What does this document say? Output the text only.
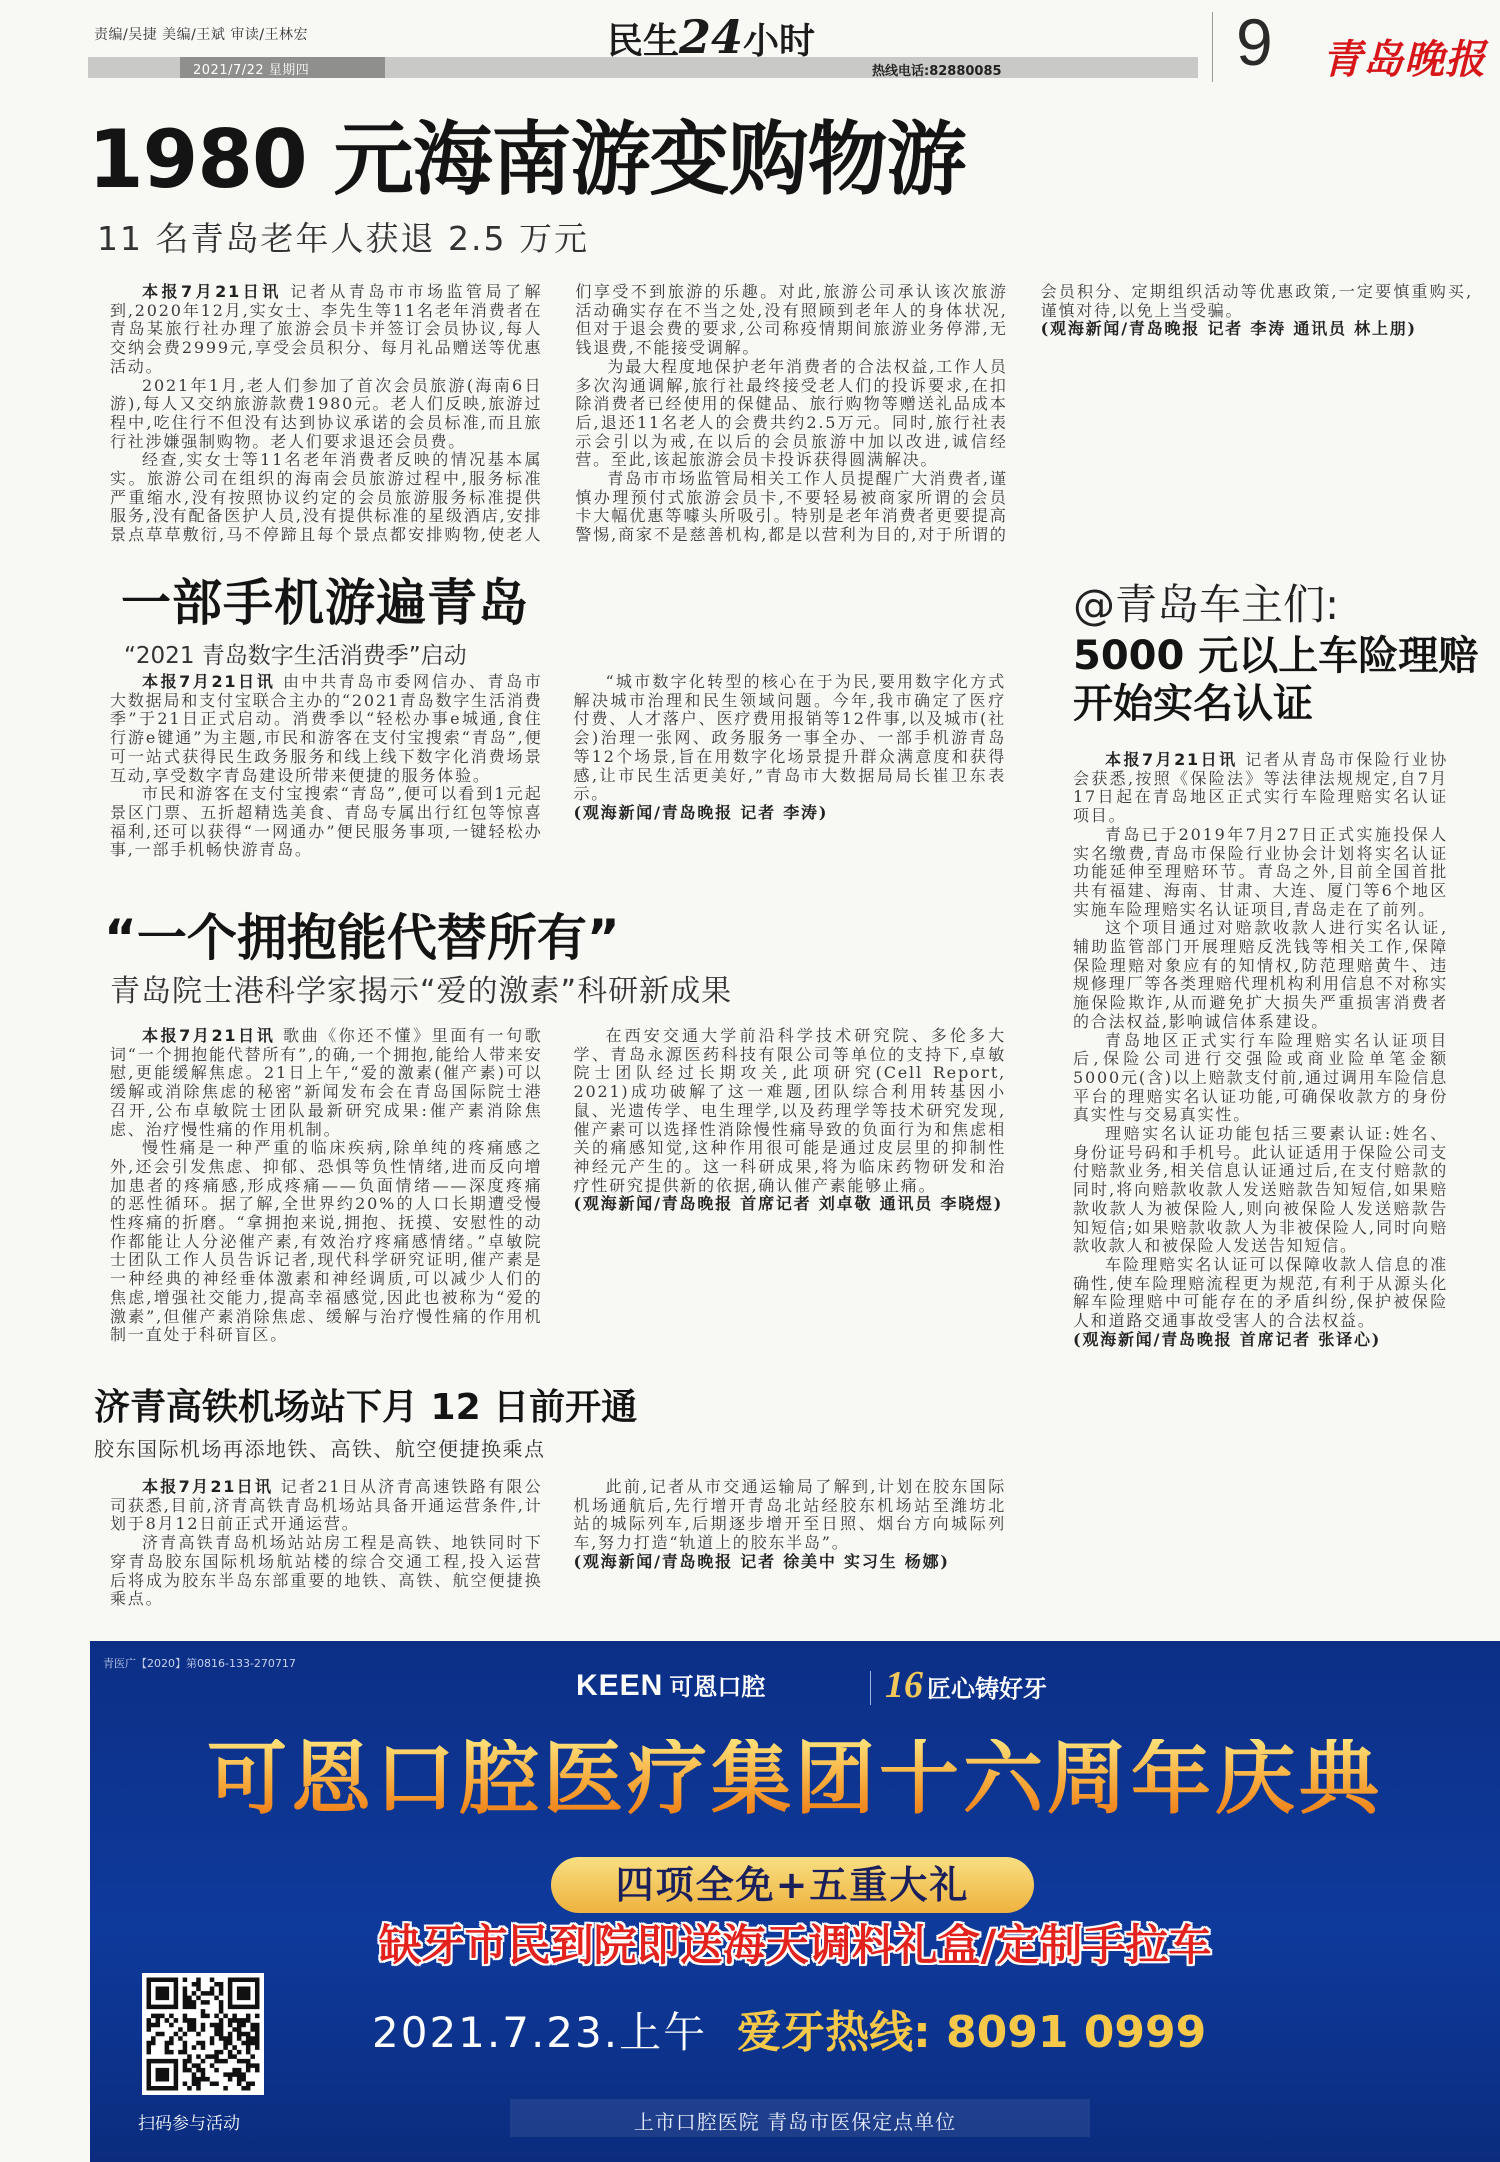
责编/吴捷 美编/王斌 审读/王林宏
2021/7/22 星期四
民生24小时
热线电话:82880085	9 青岛晚报
1980 元海南游变购物游
11 名青岛老年人获退 2.5 万元

本报7月21日讯 记者从青岛市市场监管局了解到,2020年12月,实女士、李先生等11名老年消费者在青岛某旅行社办理了旅游会员卡并签订会员协议,每人交纳会费2999元,享受会员积分、每月礼品赠送等优惠活动。

2021年1月,老人们参加了首次会员旅游(海南6日游),每人又交纳旅游款费1980元。老人们反映,旅游过程中,吃住行不但没有达到协议承诺的会员标准,而且旅行社涉嫌强制购物。老人们要求退还会员费。

经查,实女士等11名老年消费者反映的情况基本属实。旅游公司在组织的海南会员旅游过程中,服务标准严重缩水,没有按照协议约定的会员旅游服务标准提供服务,没有配备医护人员,没有提供标准的星级酒店,安排景点草草敷衍,马不停蹄且每个景点都安排购物,使老人们享受不到旅游的乐趣。对此,旅游公司承认该次旅游活动确实存在不当之处,没有照顾到老年人的身体状况,但对于退会费的要求,公司称疫情期间旅游业务停滞,无钱退费,不能接受调解。

为最大程度地保护老年消费者的合法权益,工作人员多次沟通调解,旅行社最终接受老人们的投诉要求,在扣除消费者已经使用的保健品、旅行购物等赠送礼品成本后,退还11名老人的会费共约2.5万元。同时,旅行社表示会引以为戒,在以后的会员旅游中加以改进,诚信经营。至此,该起旅游会员卡投诉获得圆满解决。

青岛市市场监管局相关工作人员提醒广大消费者,谨慎办理预付式旅游会员卡,不要轻易被商家所谓的会员卡大幅优惠等噱头所吸引。特别是老年消费者更要提高警惕,商家不是慈善机构,都是以营利为目的,对于所谓的会员积分、定期组织活动等优惠政策,一定要慎重购买,谨慎对待,以免上当受骗。

(观海新闻/青岛晚报 记者 李涛 通讯员 林上朋)

一部手机游遍青岛
“2021 青岛数字生活消费季”启动

本报7月21日讯 由中共青岛市委网信办、青岛市大数据局和支付宝联合主办的“2021青岛数字生活消费季”于21日正式启动。消费季以“轻松办事e城通,食住行游e键通”为主题,市民和游客在支付宝搜索“青岛”,便可一站式获得民生政务服务和线上线下数字化消费场景互动,享受数字青岛建设所带来便捷的服务体验。

市民和游客在支付宝搜索“青岛”,便可以看到1元起景区门票、五折超精选美食、青岛专属出行红包等惊喜福利,还可以获得“一网通办”便民服务事项,一键轻松办事,一部手机畅快游青岛。

“城市数字化转型的核心在于为民,要用数字化方式解决城市治理和民生领域问题。今年,我市确定了医疗付费、人才落户、医疗费用报销等12件事,以及城市(社会)治理一张网、政务服务一事全办、一部手机游青岛等12个场景,旨在用数字化场景提升群众满意度和获得感,让市民生活更美好,”青岛市大数据局局长崔卫东表示。

(观海新闻/青岛晚报 记者 李涛)

@青岛车主们:
5000 元以上车险理赔
开始实名认证

本报7月21日讯 记者从青岛市保险行业协会获悉,按照《保险法》等法律法规规定,自7月17日起在青岛地区正式实行车险理赔实名认证项目。

青岛已于2019年7月27日正式实施投保人实名缴费,青岛市保险行业协会计划将实名认证功能延伸至理赔环节。青岛之外,目前全国首批共有福建、海南、甘肃、大连、厦门等6个地区实施车险理赔实名认证项目,青岛走在了前列。

这个项目通过对赔款收款人进行实名认证,辅助监管部门开展理赔反洗钱等相关工作,保障保险理赔对象应有的知情权,防范理赔黄牛、违规修理厂等各类理赔代理机构利用信息不对称实施保险欺诈,从而避免扩大损失严重损害消费者的合法权益,影响诚信体系建设。

青岛地区正式实行车险理赔实名认证项目后,保险公司进行交强险或商业险单笔金额5000元(含)以上赔款支付前,通过调用车险信息平台的理赔实名认证功能,可确保收款方的身份真实性与交易真实性。

理赔实名认证功能包括三要素认证:姓名、身份证号码和手机号。此认证适用于保险公司支付赔款业务,相关信息认证通过后,在支付赔款的同时,将向赔款收款人发送赔款告知短信,如果赔款收款人为被保险人,则向被保险人发送赔款告知短信;如果赔款收款人为非被保险人,同时向赔款收款人和被保险人发送告知短信。

车险理赔实名认证可以保障收款人信息的准确性,使车险理赔流程更为规范,有利于从源头化解车险理赔中可能存在的矛盾纠纷,保护被保险人和道路交通事故受害人的合法权益。

(观海新闻/青岛晚报 首席记者 张译心)

“一个拥抱能代替所有”
青岛院士港科学家揭示“爱的激素”科研新成果

本报7月21日讯 歌曲《你还不懂》里面有一句歌词“一个拥抱能代替所有”,的确,一个拥抱,能给人带来安慰,更能缓解焦虑。21日上午,“爱的激素(催产素)可以缓解或消除焦虑的秘密”新闻发布会在青岛国际院士港召开,公布卓敏院士团队最新研究成果:催产素消除焦虑、治疗慢性痛的作用机制。

慢性痛是一种严重的临床疾病,除单纯的疼痛感之外,还会引发焦虑、抑郁、恐惧等负性情绪,进而反向增加患者的疼痛感,形成疼痛——负面情绪——深度疼痛的恶性循环。据了解,全世界约20%的人口长期遭受慢性疼痛的折磨。“拿拥抱来说,拥抱、抚摸、安慰性的动作都能让人分泌催产素,有效治疗疼痛感情绪。”卓敏院士团队工作人员告诉记者,现代科学研究证明,催产素是一种经典的神经垂体激素和神经调质,可以减少人们的焦虑,增强社交能力,提高幸福感觉,因此也被称为“爱的激素”,但催产素消除焦虑、缓解与治疗慢性痛的作用机制一直处于科研盲区。

在西安交通大学前沿科学技术研究院、多伦多大学、青岛永源医药科技有限公司等单位的支持下,卓敏院士团队经过长期攻关,此项研究(Cell Report, 2021)成功破解了这一难题,团队综合利用转基因小鼠、光遗传学、电生理学,以及药理学等技术研究发现,催产素可以选择性消除慢性痛导致的负面行为和焦虑相关的痛感知觉,这种作用很可能是通过皮层里的抑制性神经元产生的。这一科研成果,将为临床药物研发和治疗性研究提供新的依据,确认催产素能够止痛。

(观海新闻/青岛晚报 首席记者 刘卓敬 通讯员 李晓煜)

济青高铁机场站下月 12 日前开通
胶东国际机场再添地铁、高铁、航空便捷换乘点

本报7月21日讯 记者21日从济青高速铁路有限公司获悉,目前,济青高铁青岛机场站具备开通运营条件,计划于8月12日前正式开通运营。

济青高铁青岛机场站站房工程是高铁、地铁同时下穿青岛胶东国际机场航站楼的综合交通工程,投入运营后将成为胶东半岛东部重要的地铁、高铁、航空便捷换乘点。

此前,记者从市交通运输局了解到,计划在胶东国际机场通航后,先行增开青岛北站经胶东机场站至潍坊北站的城际列车,后期逐步增开至日照、烟台方向城际列车,努力打造“轨道上的胶东半岛”。

(观海新闻/青岛晚报 记者 徐美中 实习生 杨娜)

青医广【2020】第0816-133-270717
KEEN 可恩口腔	16 匠心铸好牙
可恩口腔医疗集团十六周年庆典
四项全免+五重大礼
缺牙市民到院即送海天调料礼盒/定制手拉车
扫码参与活动
2021.7.23.上午 爱牙热线: 8091 0999
上市口腔医院 青岛市医保定点单位
